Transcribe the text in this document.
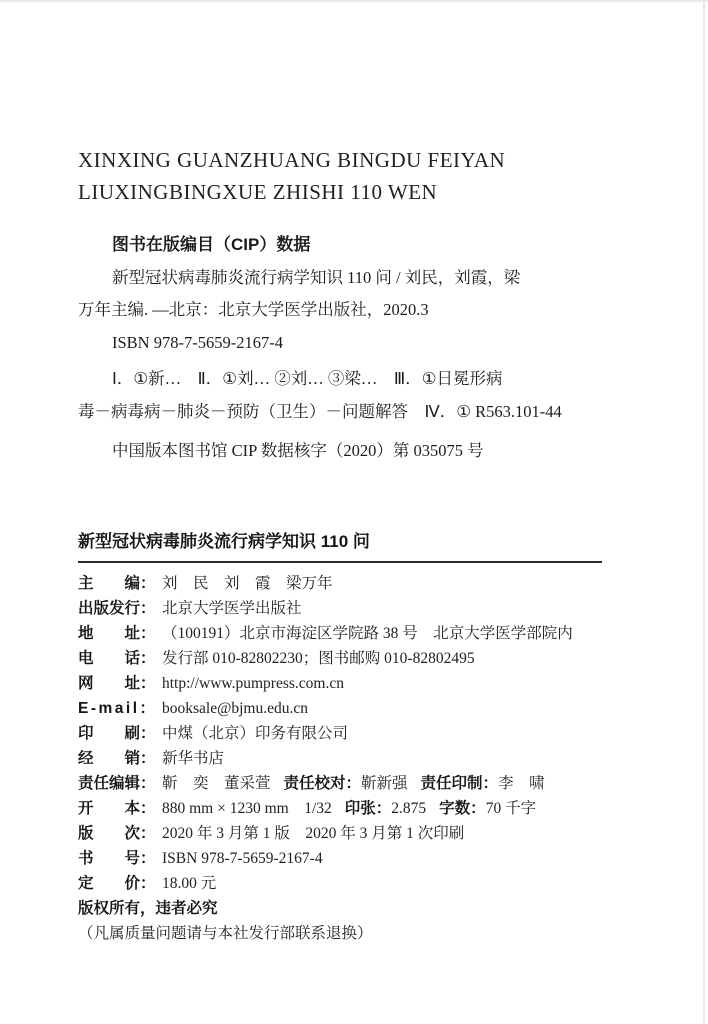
XINXING GUANZHUANG BINGDU FEIYAN
LIUXINGBINGXUE ZHISHI 110 WEN
图书在版编目（CIP）数据
新型冠状病毒肺炎流行病学知识 110 问 / 刘民，刘霞，梁
万年主编. —北京：北京大学医学出版社，2020.3
ISBN 978-7-5659-2167-4
Ⅰ．①新…　Ⅱ．①刘… ②刘… ③梁…　Ⅲ．①日冕形病
毒－病毒病－肺炎－预防（卫生）－问题解答　Ⅳ．① R563.101-44
中国版本图书馆 CIP 数据核字（2020）第 035075 号
新型冠状病毒肺炎流行病学知识 110 问
主　　编： 刘　民　刘　霞　梁万年
出版发行： 北京大学医学出版社
地　　址： （100191）北京市海淀区学院路 38 号　北京大学医学部院内
电　　话： 发行部 010-82802230；图书邮购 010-82802495
网　　址： http://www.pumpress.com.cn
E-mail： booksale@bjmu.edu.cn
印　　刷： 中煤（北京）印务有限公司
经　　销： 新华书店
责任编辑： 靳　奕　董采萱 责任校对：靳新强 责任印制：李　啸
开　　本： 880 mm × 1230 mm　1/32 印张：2.875 字数：70 千字
版　　次： 2020 年 3 月第 1 版　2020 年 3 月第 1 次印刷
书　　号： ISBN 978-7-5659-2167-4
定　　价： 18.00 元
版权所有，违者必究
（凡属质量问题请与本社发行部联系退换）
